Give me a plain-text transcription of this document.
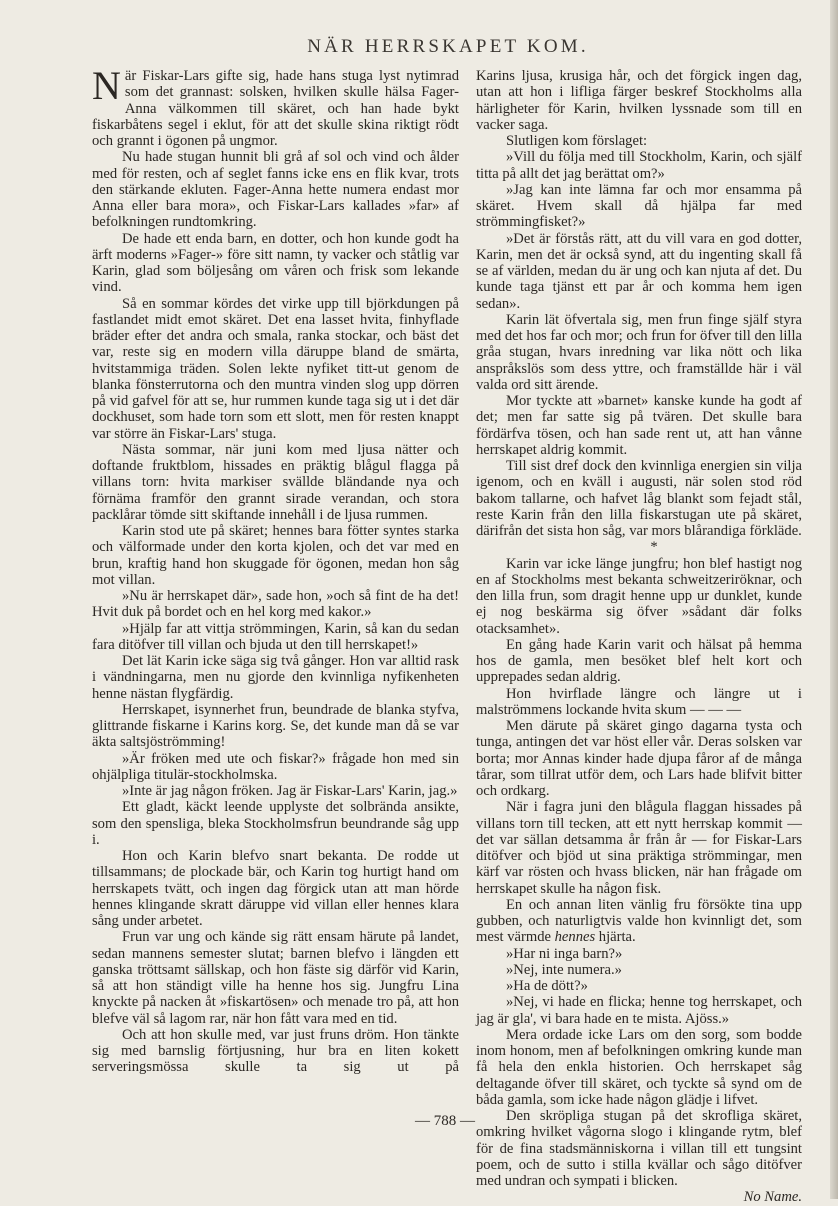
NÄR HERRSKAPET KOM.

När Fiskar-Lars gifte sig, hade hans stuga lyst nytimrad som det grannast: solsken, hvilken skulle hälsa Fager-Anna välkommen till skäret, och han hade bykt fiskarbåtens segel i eklut, för att det skulle skina riktigt rödt och grannt i ögonen på ungmor.

Nu hade stugan hunnit bli grå af sol och vind och ålder med för resten, och af seglet fanns icke ens en flik kvar, trots den stärkande ekluten. Fager-Anna hette numera endast mor Anna eller bara mora», och Fiskar-Lars kallades »far» af befolkningen rundtomkring.

De hade ett enda barn, en dotter, och hon kunde godt ha ärft moderns »Fager-» före sitt namn, ty vacker och ståtlig var Karin, glad som böljesång om våren och frisk som lekande vind.

Så en sommar kördes det virke upp till björkdungen på fastlandet midt emot skäret. Det ena lasset hvita, finhyflade bräder efter det andra och smala, ranka stockar, och bäst det var, reste sig en modern villa däruppe bland de smärta, hvitstammiga träden. Solen lekte nyfiket titt-ut genom de blanka fönsterrutorna och den muntra vinden slog upp dörren på vid gafvel för att se, hur rummen kunde taga sig ut i det där dockhuset, som hade torn som ett slott, men för resten knappt var större än Fiskar-Lars' stuga.

Nästa sommar, när juni kom med ljusa nätter och doftande fruktblom, hissades en präktig blågul flagga på villans torn: hvita markiser svällde bländande nya och förnäma framför den grannt sirade verandan, och stora packlårar tömde sitt skiftande innehåll i de ljusa rummen.

Karin stod ute på skäret; hennes bara fötter syntes starka och välformade under den korta kjolen, och det var med en brun, kraftig hand hon skuggade för ögonen, medan hon såg mot villan.

»Nu är herrskapet där», sade hon, »och så fint de ha det! Hvit duk på bordet och en hel korg med kakor.»

»Hjälp far att vittja strömmingen, Karin, så kan du sedan fara ditöfver till villan och bjuda ut den till herrskapet!»

Det lät Karin icke säga sig två gånger. Hon var alltid rask i vändningarna, men nu gjorde den kvinnliga nyfikenheten henne nästan flygfärdig.

Herrskapet, isynnerhet frun, beundrade de blanka styfva, glittrande fiskarne i Karins korg. Se, det kunde man då se var äkta saltsjöströmming!

»Är fröken med ute och fiskar?» frågade hon med sin ohjälpliga titulär-stockholmska.

»Inte är jag någon fröken. Jag är Fiskar-Lars' Karin, jag.»

Ett gladt, käckt leende upplyste det solbrända ansikte, som den spensliga, bleka Stockholmsfrun beundrande såg upp i.

Hon och Karin blefvo snart bekanta. De rodde ut tillsammans; de plockade bär, och Karin tog hurtigt hand om herrskapets tvätt, och ingen dag förgick utan att man hörde hennes klingande skratt däruppe vid villan eller hennes klara sång under arbetet.

Frun var ung och kände sig rätt ensam härute på landet, sedan mannens semester slutat; barnen blefvo i längden ett ganska tröttsamt sällskap, och hon fäste sig därför vid Karin, så att hon ständigt ville ha henne hos sig. Jungfru Lina knyckte på nacken åt »fiskartösen» och menade tro på, att hon blefve väl så lagom rar, när hon fått vara med en tid.

Och att hon skulle med, var just fruns dröm. Hon tänkte sig med barnslig förtjusning, hur bra en liten kokett serveringsmössa skulle ta sig ut på

Karins ljusa, krusiga hår, och det förgick ingen dag, utan att hon i lifliga färger beskref Stockholms alla härligheter för Karin, hvilken lyssnade som till en vacker saga.

Slutligen kom förslaget:

»Vill du följa med till Stockholm, Karin, och själf titta på allt det jag berättat om?»

»Jag kan inte lämna far och mor ensamma på skäret. Hvem skall då hjälpa far med strömmingfisket?»

»Det är förstås rätt, att du vill vara en god dotter, Karin, men det är också synd, att du ingenting skall få se af världen, medan du är ung och kan njuta af det. Du kunde taga tjänst ett par år och komma hem igen sedan».

Karin lät öfvertala sig, men frun finge själf styra med det hos far och mor; och frun for öfver till den lilla gråa stugan, hvars inredning var lika nött och lika anspråkslös som dess yttre, och framställde här i väl valda ord sitt ärende.

Mor tyckte att »barnet» kanske kunde ha godt af det; men far satte sig på tvären. Det skulle bara fördärfva tösen, och han sade rent ut, att han vånne herrskapet aldrig kommit.

Till sist dref dock den kvinnliga energien sin vilja igenom, och en kväll i augusti, när solen stod röd bakom tallarne, och hafvet låg blankt som fejadt stål, reste Karin från den lilla fiskarstugan ute på skäret, därifrån det sista hon såg, var mors blårandiga förkläde.

*

Karin var icke länge jungfru; hon blef hastigt nog en af Stockholms mest bekanta schweitzeriröknar, och den lilla frun, som dragit henne upp ur dunklet, kunde ej nog beskärma sig öfver »sådant där folks otacksamhet».

En gång hade Karin varit och hälsat på hemma hos de gamla, men besöket blef helt kort och upprepades sedan aldrig.

Hon hvirflade längre och längre ut i malströmmens lockande hvita skum — — —

Men därute på skäret gingo dagarna tysta och tunga, antingen det var höst eller vår. Deras solsken var borta; mor Annas kinder hade djupa fåror af de många tårar, som tillrat utför dem, och Lars hade blifvit bitter och ordkarg.

När i fagra juni den blågula flaggan hissades på villans torn till tecken, att ett nytt herrskap kommit — det var sällan detsamma år från år — for Fiskar-Lars ditöfver och bjöd ut sina präktiga strömmingar, men kärf var rösten och hvass blicken, när han frågade om herrskapet skulle ha någon fisk.

En och annan liten vänlig fru försökte tina upp gubben, och naturligtvis valde hon kvinnligt det, som mest värmde hennes hjärta.

»Har ni inga barn?»

»Nej, inte numera.»

»Ha de dött?»

»Nej, vi hade en flicka; henne tog herrskapet, och jag är gla', vi bara hade en te mista. Ajöss.»

Mera ordade icke Lars om den sorg, som bodde inom honom, men af befolkningen omkring kunde man få hela den enkla historien. Och herrskapet såg deltagande öfver till skäret, och tyckte så synd om de båda gamla, som icke hade någon glädje i lifvet.

Den skröpliga stugan på det skrofliga skäret, omkring hvilket vågorna slogo i klingande rytm, blef för de fina stadsmänniskorna i villan till ett tungsint poem, och de sutto i stilla kvällar och sågo ditöfver med undran och sympati i blicken.

No Name.

— 788 —
